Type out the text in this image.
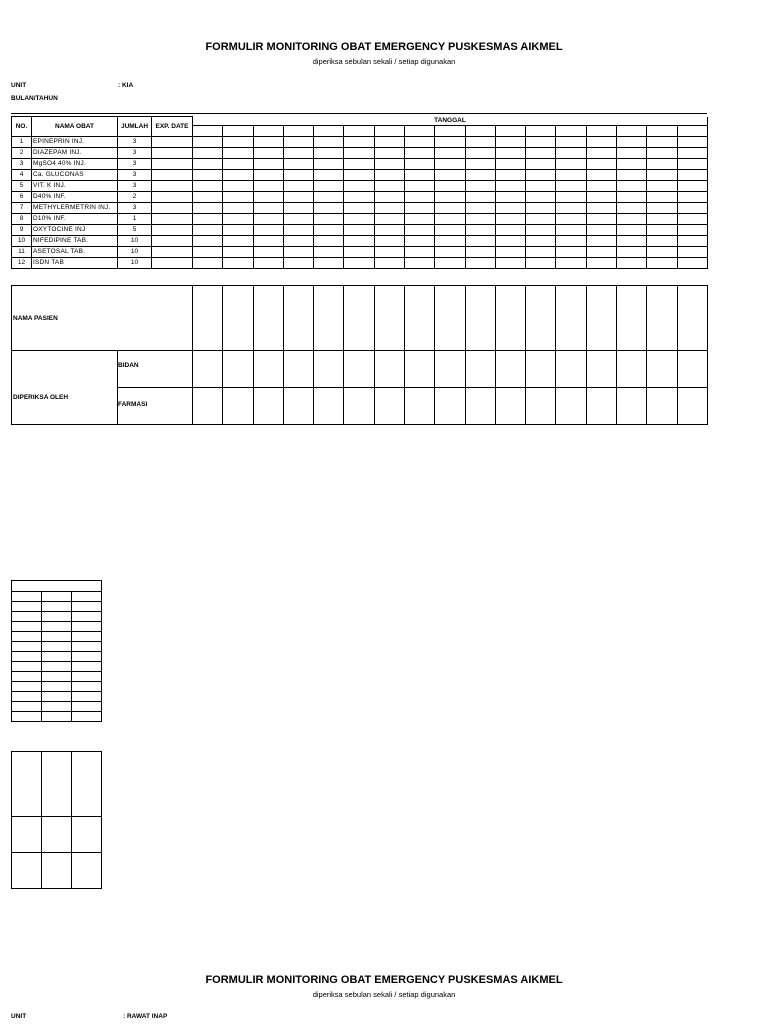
FORMULIR MONITORING OBAT EMERGENCY PUSKESMAS AIKMEL
diperiksa sebulan sekali / setiap digunakan
UNIT	: KIA
BULAN/TAHUN
NO.	NAMA OBAT	JUMLAH	EXP. DATE	TANGGAL																

1	EPINEPRIN INJ.	3																		
2	DIAZEPAM INJ.	3																		
3	MgSO4 40% INJ.	3																		
4	Ca. GLUCONAS	3																		
5	VIT. K INJ.	3																		
6	D40% INF.	2																		
7	METHYLERMETRIN INJ.	3																		
8	D10% INF.	1																		
9	OXYTOCINE INJ	5																		
10	NIFEDIPINE TAB.	10																		
11	ASETOSAL TAB.	10																		
12	ISDN TAB	10																		

NAMA PASIEN																		
DIPERIKSA OLEH	BIDAN																	
	FARMASI																	

FORMULIR MONITORING OBAT EMERGENCY PUSKESMAS AIKMEL
diperiksa sebulan sekali / setiap digunakan
UNIT	: RAWAT INAP
